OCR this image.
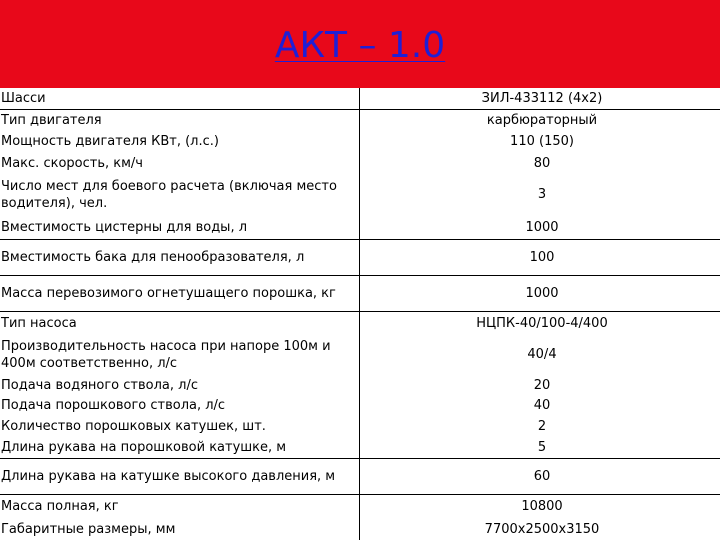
АКТ – 1.0
Шасси	ЗИЛ-433112 (4х2)
Тип двигателя	карбюраторный
Мощность двигателя КВт, (л.с.)	110 (150)
Макс. скорость, км/ч	80
Число мест для боевого расчета (включая место водителя), чел.	3
Вместимость цистерны для воды, л	1000
Вместимость бака для пенообразователя, л	100
Масса перевозимого огнетушащего порошка, кг	1000
Тип насоса	НЦПК-40/100-4/400
Производительность насоса при напоре 100м и 400м соответственно, л/с	40/4
Подача водяного ствола, л/с	20
Подача порошкового ствола, л/с	40
Количество порошковых катушек, шт.	2
Длина рукава на порошковой катушке, м	5
Длина рукава на катушке высокого давления, м	60
Масса полная, кг	10800
Габаритные размеры, мм	7700х2500х3150
